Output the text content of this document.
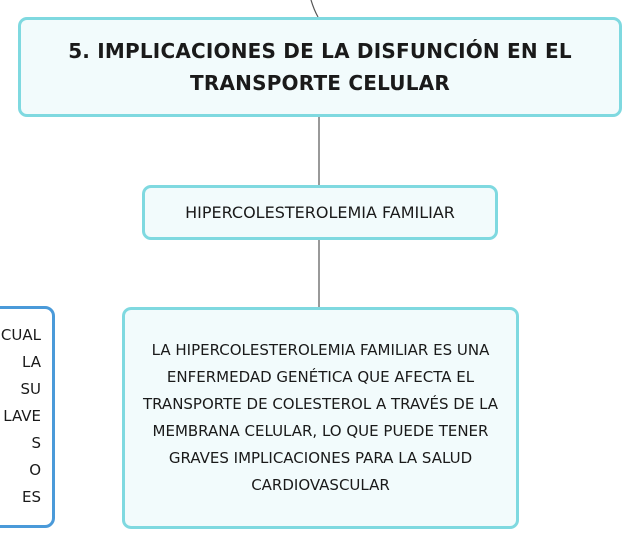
5. IMPLICACIONES DE LA DISFUNCIÓN EN EL TRANSPORTE CELULAR
HIPERCOLESTEROLEMIA FAMILIAR
LA HIPERCOLESTEROLEMIA FAMILIAR ES UNA ENFERMEDAD GENÉTICA QUE AFECTA EL TRANSPORTE DE COLESTEROL A TRAVÉS DE LA MEMBRANA CELULAR, LO QUE PUEDE TENER GRAVES IMPLICACIONES PARA LA SALUD CARDIOVASCULAR
CUAL
LA
SU
LAVE
S
O
ES
